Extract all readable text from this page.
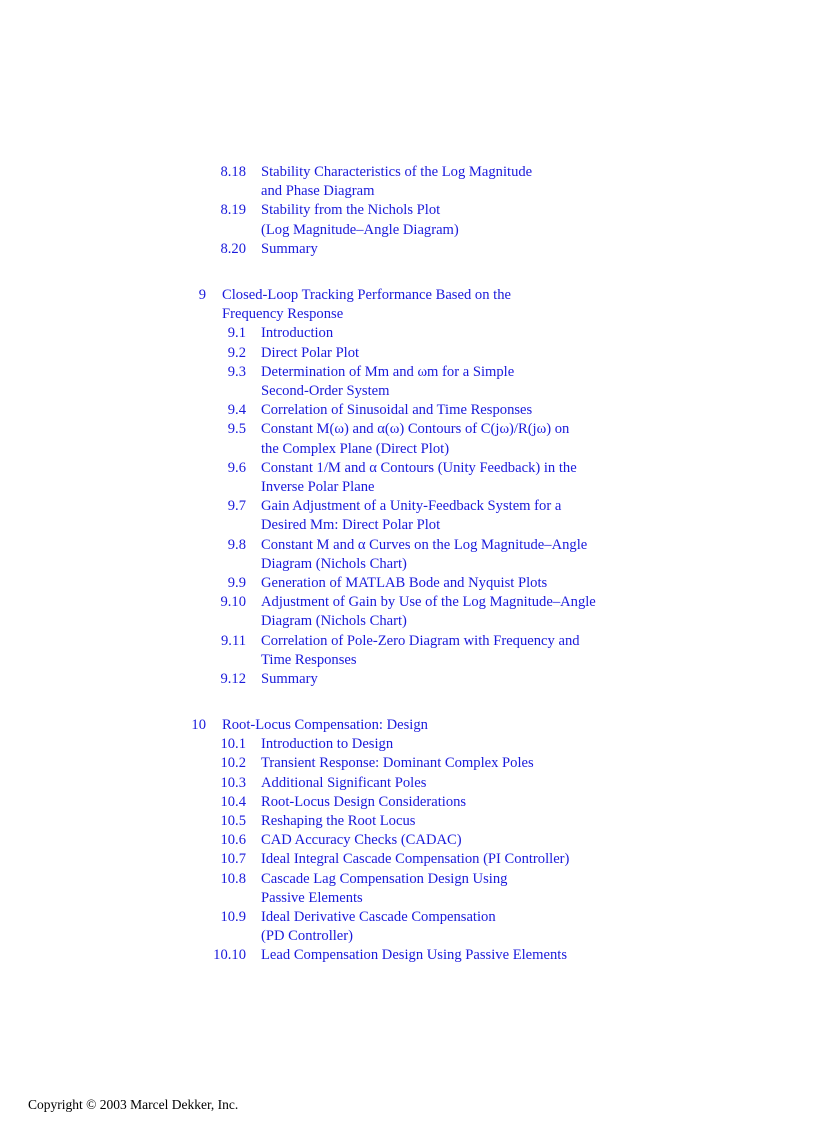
8.18 Stability Characteristics of the Log Magnitude
and Phase Diagram
8.19 Stability from the Nichols Plot
(Log Magnitude–Angle Diagram)
8.20 Summary
9 Closed-Loop Tracking Performance Based on the
Frequency Response
9.1 Introduction
9.2 Direct Polar Plot
9.3 Determination of Mm and ωm for a Simple
Second-Order System
9.4 Correlation of Sinusoidal and Time Responses
9.5 Constant M(ω) and α(ω) Contours of C(jω)/R(jω) on
the Complex Plane (Direct Plot)
9.6 Constant 1/M and α Contours (Unity Feedback) in the
Inverse Polar Plane
9.7 Gain Adjustment of a Unity-Feedback System for a
Desired Mm: Direct Polar Plot
9.8 Constant M and α Curves on the Log Magnitude–Angle
Diagram (Nichols Chart)
9.9 Generation of MATLAB Bode and Nyquist Plots
9.10 Adjustment of Gain by Use of the Log Magnitude–Angle
Diagram (Nichols Chart)
9.11 Correlation of Pole-Zero Diagram with Frequency and
Time Responses
9.12 Summary
10 Root-Locus Compensation: Design
10.1 Introduction to Design
10.2 Transient Response: Dominant Complex Poles
10.3 Additional Significant Poles
10.4 Root-Locus Design Considerations
10.5 Reshaping the Root Locus
10.6 CAD Accuracy Checks (CADAC)
10.7 Ideal Integral Cascade Compensation (PI Controller)
10.8 Cascade Lag Compensation Design Using
Passive Elements
10.9 Ideal Derivative Cascade Compensation
(PD Controller)
10.10 Lead Compensation Design Using Passive Elements
Copyright © 2003 Marcel Dekker, Inc.
